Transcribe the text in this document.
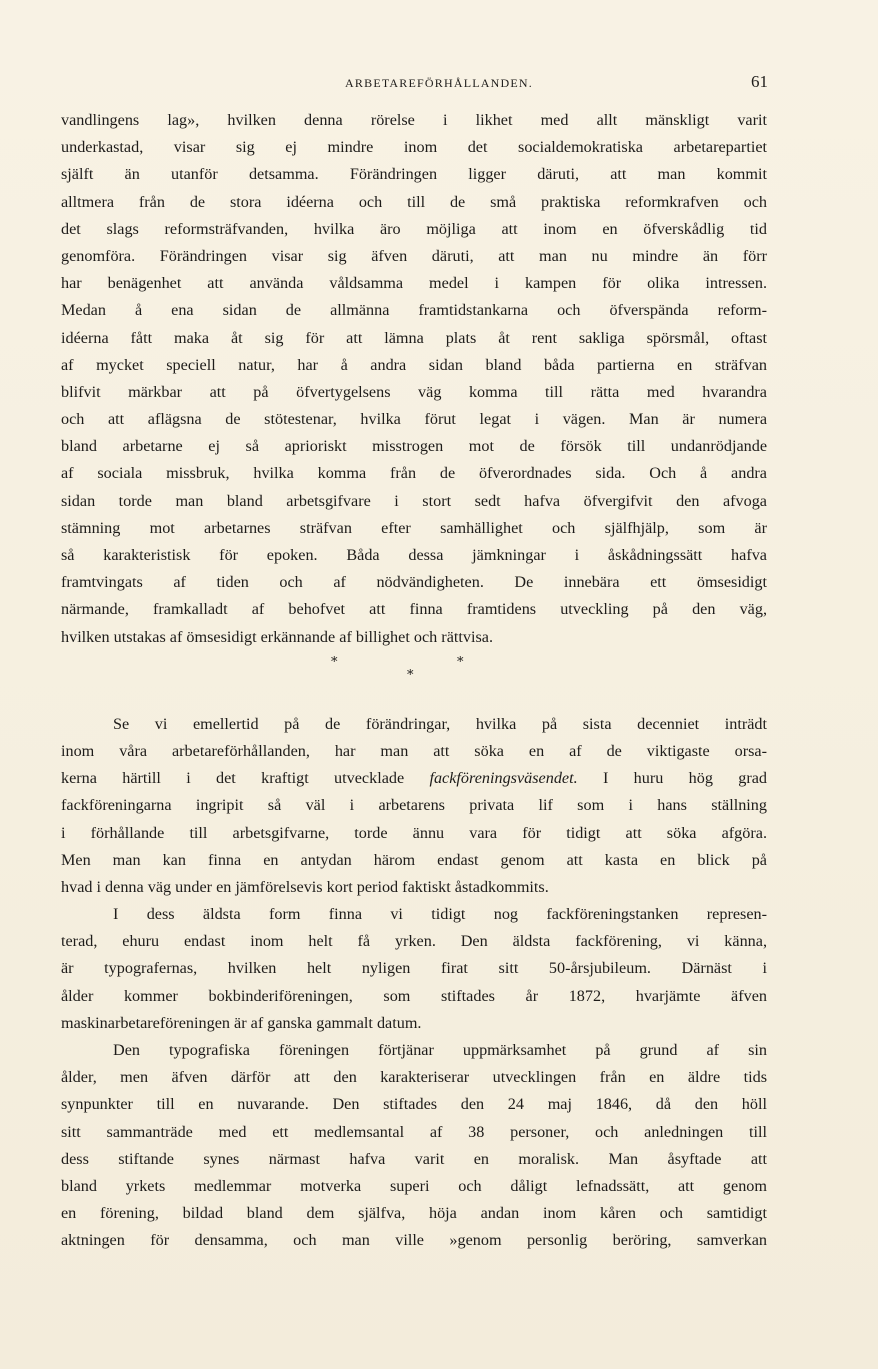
ARBETAREFÖRHÅLLANDEN.	61
vandlingens lag», hvilken denna rörelse i likhet med allt mänskligt varit
underkastad, visar sig ej mindre inom det socialdemokratiska arbetarepartiet
själft än utanför detsamma. Förändringen ligger däruti, att man kommit
alltmera från de stora idéerna och till de små praktiska reformkrafven och
det slags reformsträfvanden, hvilka äro möjliga att inom en öfverskådlig tid
genomföra. Förändringen visar sig äfven däruti, att man nu mindre än förr
har benägenhet att använda våldsamma medel i kampen för olika intressen.
Medan å ena sidan de allmänna framtidstankarna och öfverspända reform-
idéerna fått maka åt sig för att lämna plats åt rent sakliga spörsmål, oftast
af mycket speciell natur, har å andra sidan bland båda partierna en sträfvan
blifvit märkbar att på öfvertygelsens väg komma till rätta med hvarandra
och att aflägsna de stötestenar, hvilka förut legat i vägen. Man är numera
bland arbetarne ej så aprioriskt misstrogen mot de försök till undanrödjande
af sociala missbruk, hvilka komma från de öfverordnades sida. Och å andra
sidan torde man bland arbetsgifvare i stort sedt hafva öfvergifvit den afvoga
stämning mot arbetarnes sträfvan efter samhällighet och själfhjälp, som är
så karakteristisk för epoken. Båda dessa jämkningar i åskådningssätt hafva
framtvingats af tiden och af nödvändigheten. De innebära ett ömsesidigt
närmande, framkalladt af behofvet att finna framtidens utveckling på den väg,
hvilken utstakas af ömsesidigt erkännande af billighet och rättvisa.
*	*
*
Se vi emellertid på de förändringar, hvilka på sista decenniet inträdt
inom våra arbetareförhållanden, har man att söka en af de viktigaste orsa-
kerna härtill i det kraftigt utvecklade fackföreningsväsendet. I huru hög grad
fackföreningarna ingripit så väl i arbetarens privata lif som i hans ställning
i förhållande till arbetsgifvarne, torde ännu vara för tidigt att söka afgöra.
Men man kan finna en antydan härom endast genom att kasta en blick på
hvad i denna väg under en jämförelsevis kort period faktiskt åstadkommits.
I dess äldsta form finna vi tidigt nog fackföreningstanken represen-
terad, ehuru endast inom helt få yrken. Den äldsta fackförening, vi känna,
är typografernas, hvilken helt nyligen firat sitt 50-årsjubileum. Därnäst i
ålder kommer bokbinderiföreningen, som stiftades år 1872, hvarjämte äfven
maskinarbetareföreningen är af ganska gammalt datum.
Den typografiska föreningen förtjänar uppmärksamhet på grund af sin
ålder, men äfven därför att den karakteriserar utvecklingen från en äldre tids
synpunkter till en nuvarande. Den stiftades den 24 maj 1846, då den höll
sitt sammanträde med ett medlemsantal af 38 personer, och anledningen till
dess stiftande synes närmast hafva varit en moralisk. Man åsyftade att
bland yrkets medlemmar motverka superi och dåligt lefnadssätt, att genom
en förening, bildad bland dem själfva, höja andan inom kåren och samtidigt
aktningen för densamma, och man ville »genom personlig beröring, samverkan
